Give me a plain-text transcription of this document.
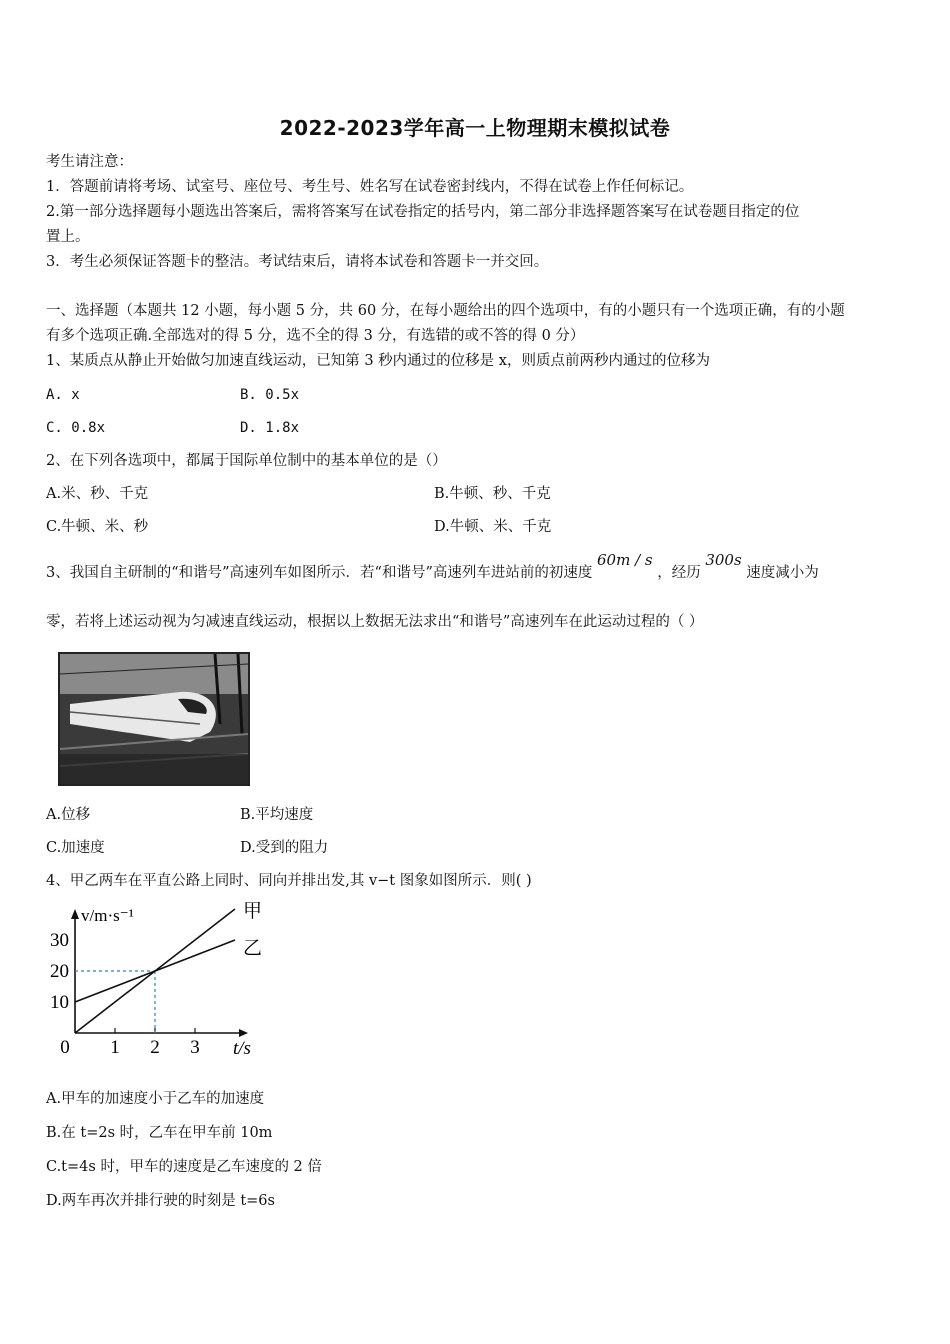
2022-2023学年高一上物理期末模拟试卷
考生请注意：
1．答题前请将考场、试室号、座位号、考生号、姓名写在试卷密封线内，不得在试卷上作任何标记。
2.第一部分选择题每小题选出答案后，需将答案写在试卷指定的括号内，第二部分非选择题答案写在试卷题目指定的位
置上。
3．考生必须保证答题卡的整洁。考试结束后，请将本试卷和答题卡一并交回。
一、选择题（本题共 12 小题，每小题 5 分，共 60 分，在每小题给出的四个选项中，有的小题只有一个选项正确，有的小题
有多个选项正确.全部选对的得 5 分，选不全的得 3 分，有选错的或不答的得 0 分）
1、某质点从静止开始做匀加速直线运动，已知第 3 秒内通过的位移是 x，则质点前两秒内通过的位移为
A. x	B. 0.5x
C. 0.8x	D. 1.8x
2、在下列各选项中，都属于国际单位制中的基本单位的是（）
A.米、秒、千克	B.牛顿、秒、千克
C.牛顿、米、秒	D.牛顿、米、千克
3、我国自主研制的“和谐号”高速列车如图所示．若“和谐号”高速列车进站前的初速度 60m / s ，经历 300s 速度减小为
零，若将上述运动视为匀减速直线运动，根据以上数据无法求出“和谐号”高速列车在此运动过程的（ ）
A.位移	B.平均速度
C.加速度	D.受到的阻力
4、甲乙两车在平直公路上同时、同向并排出发,其 v−t 图象如图所示．则( )
0 1 2 3
10
20
30
t/s
v/m·s⁻¹	甲
乙
A.甲车的加速度小于乙车的加速度
B.在 t=2s 时，乙车在甲车前 10m
C.t=4s 时，甲车的速度是乙车速度的 2 倍
D.两车再次并排行驶的时刻是 t=6s
